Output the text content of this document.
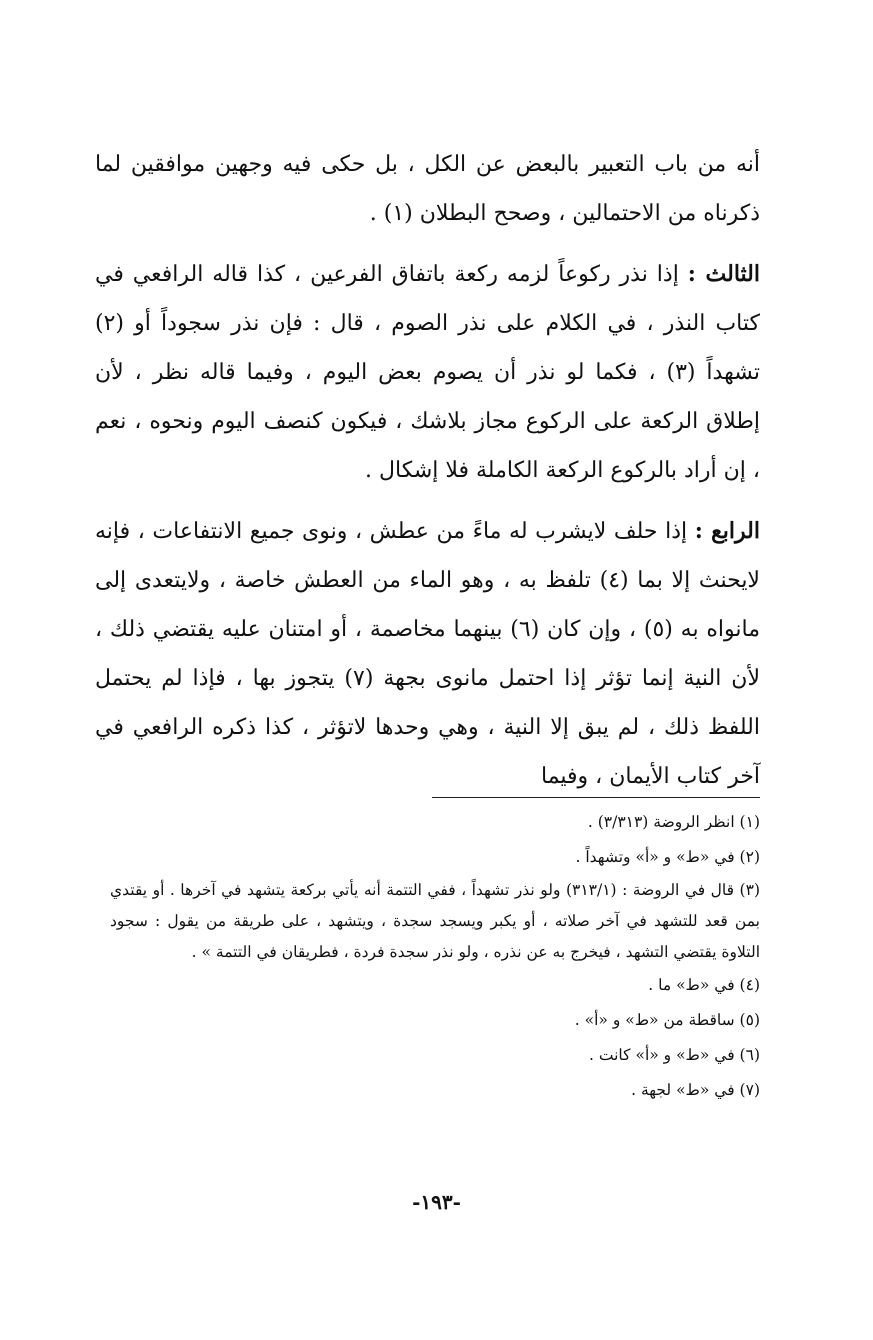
أنه من باب التعبير بالبعض عن الكل ، بل حكى فيه وجهين موافقين لما ذكرناه من الاحتمالين ، وصحح البطلان (١) .

الثالث : إذا نذر ركوعاً لزمه ركعة باتفاق الفرعين ، كذا قاله الرافعي في كتاب النذر ، في الكلام على نذر الصوم ، قال : فإن نذر سجوداً أو (٢) تشهداً (٣) ، فكما لو نذر أن يصوم بعض اليوم ، وفيما قاله نظر ، لأن إطلاق الركعة على الركوع مجاز بلاشك ، فيكون كنصف اليوم ونحوه ، نعم ، إن أراد بالركوع الركعة الكاملة فلا إشكال .

الرابع : إذا حلف لايشرب له ماءً من عطش ، ونوى جميع الانتفاعات ، فإنه لايحنث إلا بما (٤) تلفظ به ، وهو الماء من العطش خاصة ، ولايتعدى إلى مانواه به (٥) ، وإن كان (٦) بينهما مخاصمة ، أو امتنان عليه يقتضي ذلك ، لأن النية إنما تؤثر إذا احتمل مانوى بجهة (٧) يتجوز بها ، فإذا لم يحتمل اللفظ ذلك ، لم يبق إلا النية ، وهي وحدها لاتؤثر ، كذا ذكره الرافعي في آخر كتاب الأيمان ، وفيما

(١) انظر الروضة (٣/٣١٣) .

(٢) في «ط» و «أ» وتشهداً .

(٣) قال في الروضة : (٣١٣/١) ولو نذر تشهداً ، ففي التتمة أنه يأتي بركعة يتشهد في آخرها . أو يقتدي بمن قعد للتشهد في آخر صلاته ، أو يكبر ويسجد سجدة ، ويتشهد ، على طريقة من يقول : سجود التلاوة يقتضي التشهد ، فيخرج به عن نذره ، ولو نذر سجدة فردة ، فطريقان في التتمة » .

(٤) في «ط» ما .

(٥) ساقطة من «ط» و «أ» .

(٦) في «ط» و «أ» كانت .

(٧) في «ط» لجهة .

-١٩٣-
